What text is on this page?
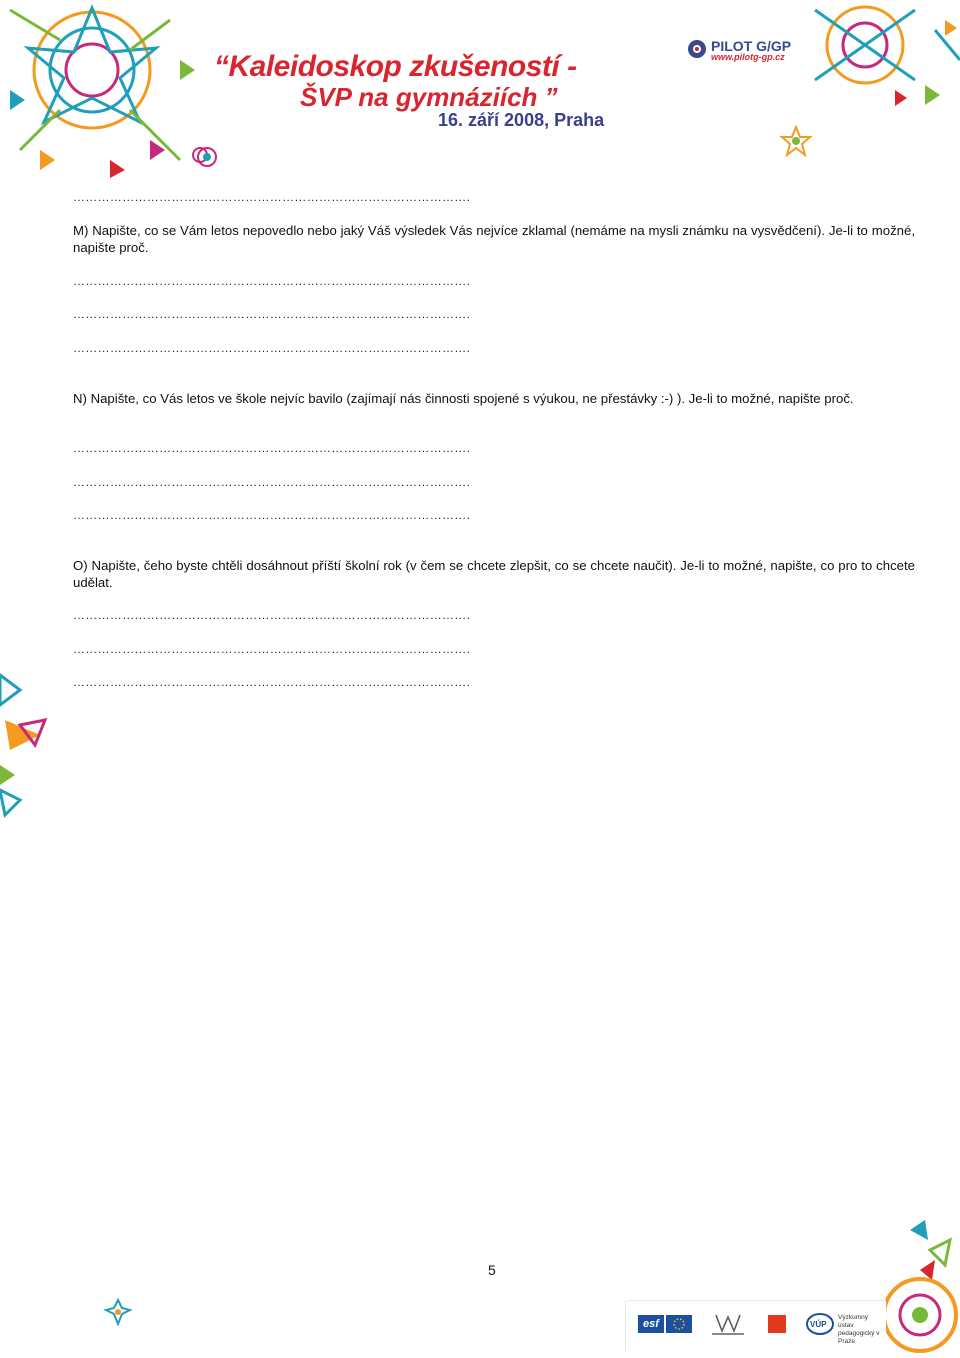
“Kaleidoskop zkušeností -
ŠVP na gymnáziích ”
16. září 2008, Praha
PILOT G/GP
www.pilotg-gp.cz
…………………………………………………………………………………….
M) Napište, co se Vám letos nepovedlo nebo jaký Váš výsledek Vás nejvíce zklamal (nemáme na mysli známku na vysvědčení). Je-li to možné, napište proč.
…………………………………………………………………………………….
…………………………………………………………………………………….
…………………………………………………………………………………….
N) Napište, co Vás letos ve škole nejvíc bavilo (zajímají nás činnosti spojené s výukou, ne přestávky :-) ). Je-li to možné, napište proč.
…………………………………………………………………………………….
…………………………………………………………………………………….
…………………………………………………………………………………….
O) Napište, čeho byste chtěli dosáhnout příští školní rok (v čem se chcete zlepšit, co se chcete naučit). Je-li to možné, napište, co pro to chcete udělat.
…………………………………………………………………………………….
…………………………………………………………………………………….
…………………………………………………………………………………….
5
esf	VÚP
Výzkumný ústav pedagogický v Praze
